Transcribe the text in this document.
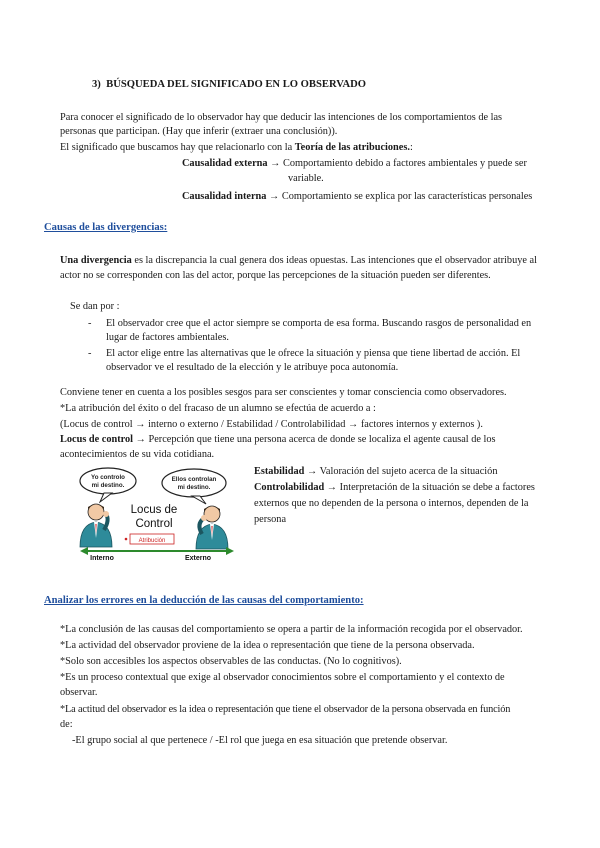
3) BÚSQUEDA DEL SIGNIFICADO EN LO OBSERVADO

Para conocer el significado de lo observador hay que deducir las intenciones de los comportamientos de las

personas que participan. (Hay que inferir (extraer una conclusión)).

El significado que buscamos hay que relacionarlo con la Teoría de las atribuciones.:

Causalidad externa → Comportamiento debido a factores ambientales y puede ser

variable.

Causalidad interna → Comportamiento se explica por las características personales

Causas de las divergencias:

Una divergencia es la discrepancia la cual genera dos ideas opuestas. Las intenciones que el observador atribuye al

actor no se corresponden con las del actor, porque las percepciones de la situación pueden ser diferentes.

Se dan por :

- El observador cree que el actor siempre se comporta de esa forma. Buscando rasgos de personalidad en

lugar de factores ambientales.

- El actor elige entre las alternativas que le ofrece la situación y piensa que tiene libertad de acción. El

observador ve el resultado de la elección y le atribuye poca autonomía.

Conviene tener en cuenta a los posibles sesgos para ser conscientes y tomar consciencia como observadores.

*La atribución del éxito o del fracaso de un alumno se efectúa de acuerdo a :

(Locus de control → interno o externo / Estabilidad / Controlabilidad → factores internos y externos ).

Locus de control → Percepción que tiene una persona acerca de donde se localiza el agente causal de los

acontecimientos de su vida cotidiana.

Estabilidad → Valoración del sujeto acerca de la situación

Controlabilidad → Interpretación de la situación se debe a factores

externos que no dependen de la persona o internos, dependen de la

persona

Yo controlo
mi destino.
Ellos controlan
mi destino.
Locus de
Control
Atribución
Interno	Externo

Analizar los errores en la deducción de las causas del comportamiento:

*La conclusión de las causas del comportamiento se opera a partir de la información recogida por el observador.

*La actividad del observador proviene de la idea o representación que tiene de la persona observada.

*Solo son accesibles los aspectos observables de las conductas. (No lo cognitivos).

*Es un proceso contextual que exige al observador conocimientos sobre el comportamiento y el contexto de

observar.

*La actitud del observador es la idea o representación que tiene el observador de la persona observada en función

de:

-El grupo social al que pertenece / -El rol que juega en esa situación que pretende observar.
